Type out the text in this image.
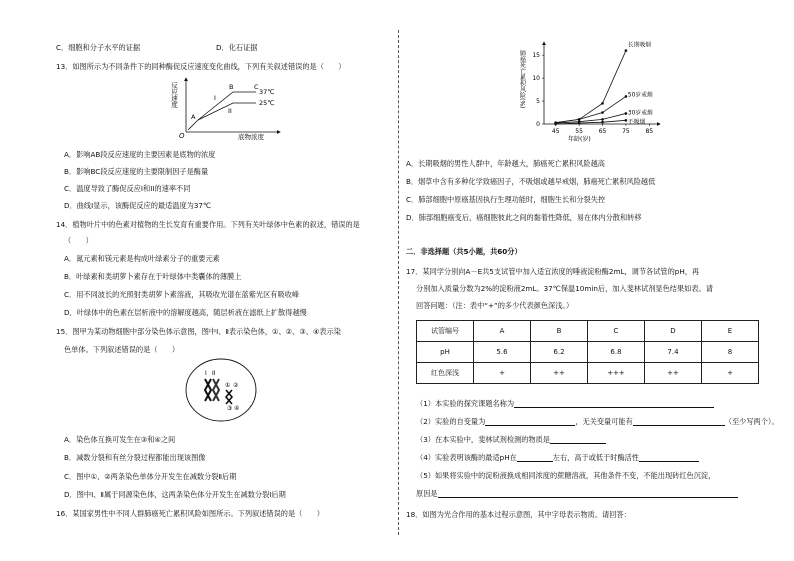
C．细胞和分子水平的证据	D．化石证据
13．如图所示为不同条件下的同种酶促反应速度变化曲线，下列有关叙述错误的是（　　）
O
反应速度
底物浓度
A
B	C
I
II
37℃
25℃
A．影响AB段反应速度的主要因素是底物的浓度
B．影响BC段反应速度的主要限制因子是酶量
C．温度导致了酶促反应I和II的速率不同
D．曲线I显示，该酶促反应的最适温度为37℃
14．植物叶片中的色素对植物的生长发育有重要作用。下列有关叶绿体中色素的叙述，错误的是
（　　）
A．氮元素和镁元素是构成叶绿素分子的重要元素
B．叶绿素和类胡萝卜素存在于叶绿体中类囊体的薄膜上
C．用不同波长的光照射类胡萝卜素溶液，其吸收光谱在蓝紫光区有吸收峰
D．叶绿体中的色素在层析液中的溶解度越高，随层析液在滤纸上扩散得越慢
15．图甲为某动物细胞中部分染色体示意图，图中Ⅰ、Ⅱ表示染色体，①、②、③、④表示染
色单体。下列叙述错误的是（　　）
I II
① ②
③ ④
A．染色体互换可发生在③和④之间
B．减数分裂和有丝分裂过程都能出现该图像
C．图中①、②两条染色单体分开发生在减数分裂Ⅱ后期
D．图中Ⅰ、Ⅱ属于同源染色体，这两条染色体分开发生在减数分裂Ⅰ后期
16．某国家男性中不同人群肺癌死亡累积风险如图所示。下列叙述错误的是（　　）
肺癌死亡累积风险(%)
年龄(岁)
0
5
10
15
45	55	65	75	85
长期吸烟
50岁戒烟
30岁戒烟
不吸烟
A．长期吸烟的男性人群中，年龄越大，肺癌死亡累积风险越高
B．烟草中含有多种化学致癌因子，不吸烟或越早戒烟，肺癌死亡累积风险越低
C．肺部细胞中原癌基因执行生理功能时，细胞生长和分裂失控
D．肺部细胞癌变后，癌细胞彼此之间的黏着性降低，易在体内分散和转移
二．非选择题（共5小题，共60分）
17．某同学分别向A－E共5支试管中加入适宜浓度的唾液淀粉酶2mL，调节各试管的pH，再
分别加入质量分数为2%的淀粉液2mL。37℃保温10min后，加入斐林试剂显色结果如表。请
回答问题：（注：表中“+”的多少代表颜色深浅。）
试管编号	A	B	C	D	E
pH	5.6	6.2	6.8	7.4	8
红色深浅	+	++	+++	++	+
（1）本实验的探究课题名称为
（2）实验的自变量为	，无关变量可能有	（至少写两个）。
（3）在本实验中，斐林试剂检测的物质是
（4）实验表明该酶的最适pH在	左右，高于或低于时酶活性
（5）如果将实验中的淀粉液换成相同浓度的蔗糖溶液，其他条件不变，不能出现砖红色沉淀，
原因是
18．如图为光合作用的基本过程示意图，其中字母表示物质。请回答：
